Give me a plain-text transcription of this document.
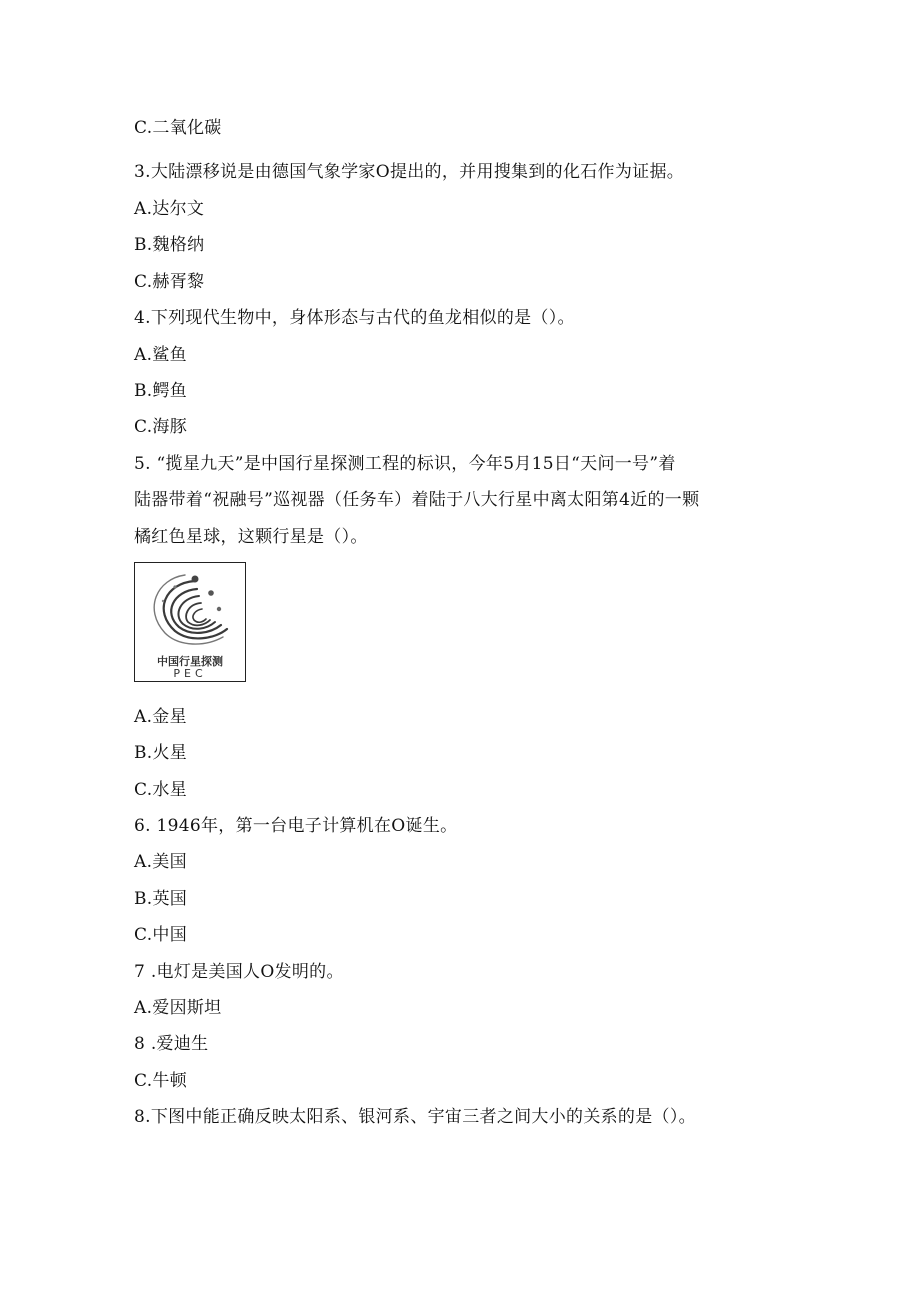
C.二氧化碳
3.大陆漂移说是由德国气象学家O提出的，并用搜集到的化石作为证据。
A.达尔文
B.魏格纳
C.赫胥黎
4.下列现代生物中，身体形态与古代的鱼龙相似的是（）。
A.鲨鱼
B.鳄鱼
C.海豚
5. “揽星九天”是中国行星探测工程的标识，今年5月15日“天问一号”着
陆器带着“祝融号”巡视器（任务车）着陆于八大行星中离太阳第4近的一颗
橘红色星球，这颗行星是（）。
中国行星探测
PEC
A.金星
B.火星
C.水星
6. 1946年，第一台电子计算机在O诞生。
A.美国
B.英国
C.中国
7 .电灯是美国人O发明的。
A.爱因斯坦
8 .爱迪生
C.牛顿
8.下图中能正确反映太阳系、银河系、宇宙三者之间大小的关系的是（）。
